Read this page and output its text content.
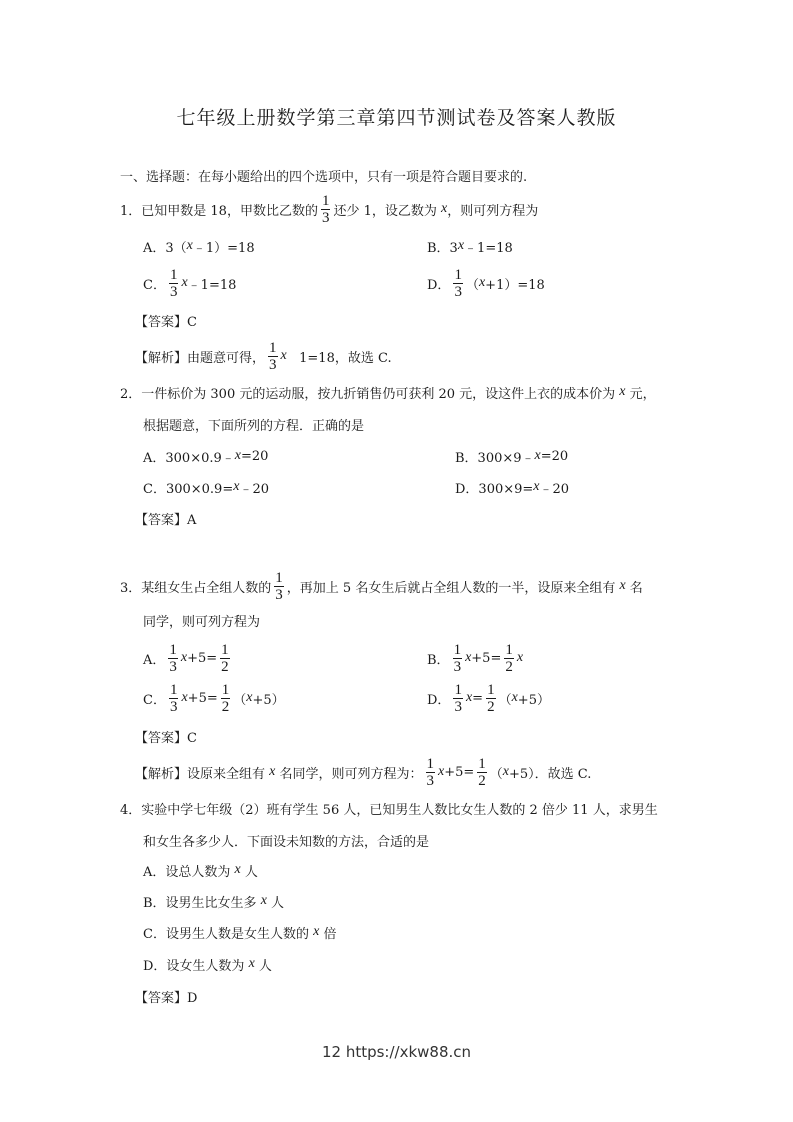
七年级上册数学第三章第四节测试卷及答案人教版
一、选择题：在每小题给出的四个选项中，只有一项是符合题目要求的.
1．已知甲数是 18，甲数比乙数的 $\frac{1}{3}$ 还少 1，设乙数为 x ，则可列方程为
A．3（ x ﹣1）=18	B．3 x ﹣1=18
C． $\frac{1}{3}$ x ﹣1=18	D． $\frac{1}{3}$ （ x +1）=18
【答案】C
【解析】由题意可得， $\frac{1}{3}$ x 1=18，故选 C.
2．一件标价为 300 元的运动服，按九折销售仍可获利 20 元，设这件上衣的成本价为 x 元，
根据题意，下面所列的方程．正确的是
A．300×0.9﹣ x =20	B．300×9﹣ x =20
C．300×0.9= x ﹣20	D．300×9= x ﹣20
【答案】A
3．某组女生占全组人数的 $\frac{1}{3}$ ，再加上 5 名女生后就占全组人数的一半，设原来全组有 x 名
同学，则可列方程为
A． $\frac{1}{3}$ $x +5= \frac{1}{2}$	B． $\frac{1}{3}$ $x +5= \frac{1}{2}$ x
C． $\frac{1}{3}$ $x +5= \frac{1}{2}$ （ x +5）	D． $\frac{1}{3}$ $x = \frac{1}{2}$ （ x +5）
【答案】C
【解析】设原来全组有 x 名同学，则可列方程为： $\frac{1}{3}$ $x +5= \frac{1}{2}$ （ x +5）．故选 C.
4．实验中学七年级（2）班有学生 56 人，已知男生人数比女生人数的 2 倍少 11 人，求男生
和女生各多少人．下面设未知数的方法，合适的是
A．设总人数为 x 人
B．设男生比女生多 x 人
C．设男生人数是女生人数的 x 倍
D．设女生人数为 x 人
【答案】D
12 https://xkw88.cn
